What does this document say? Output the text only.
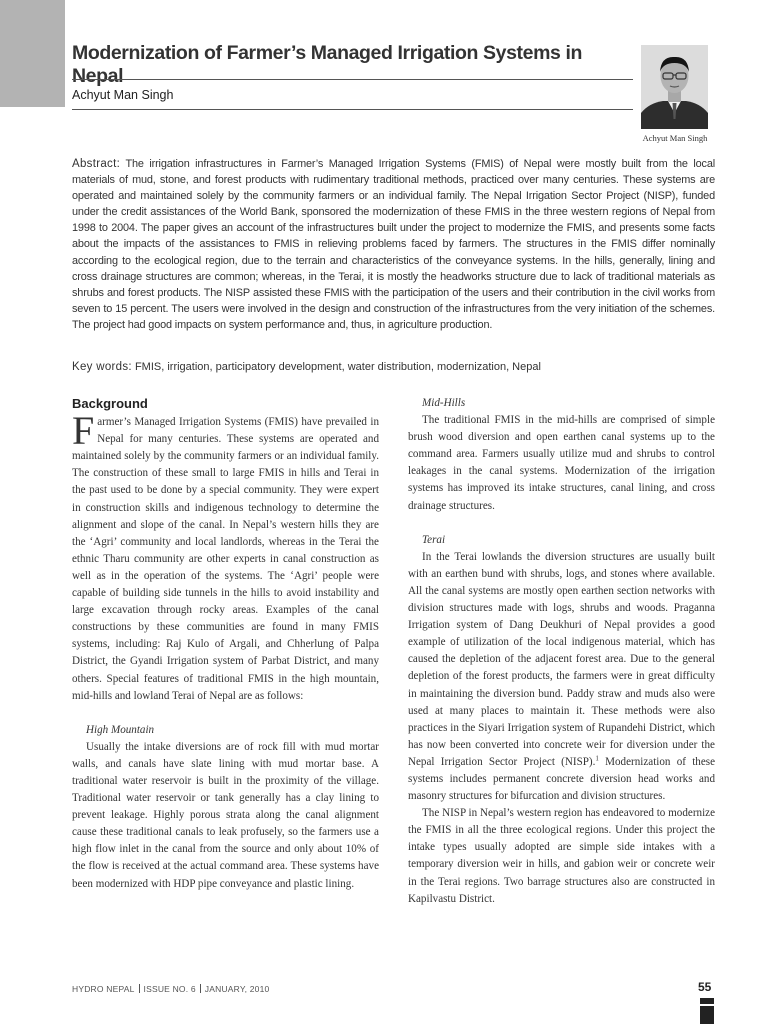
Modernization of Farmer’s Managed Irrigation Systems in Nepal
Achyut Man Singh
Achyut Man Singh

Abstract: The irrigation infrastructures in Farmer’s Managed Irrigation Systems (FMIS) of Nepal were mostly built from the local materials of mud, stone, and forest products with rudimentary traditional methods, practiced over many centuries. These systems are operated and maintained solely by the community farmers or an individual family. The Nepal Irrigation Sector Project (NISP), funded under the credit assistances of the World Bank, sponsored the modernization of these FMIS in the three western regions of Nepal from 1998 to 2004. The paper gives an account of the infrastructures built under the project to modernize the FMIS, and presents some facts about the impacts of the assistances to FMIS in relieving problems faced by farmers. The structures in the FMIS differ nominally according to the ecological region, due to the terrain and characteristics of the conveyance systems. In the hills, generally, lining and cross drainage structures are common; whereas, in the Terai, it is mostly the headworks structure due to lack of traditional materials as shrubs and forest products. The NISP assisted these FMIS with the participation of the users and their contribution in the civil works from seven to 15 percent. The users were involved in the design and construction of the infrastructures from the very initiation of the schemes. The project had good impacts on system performance and, thus, in agriculture production.

Key words: FMIS, irrigation, participatory development, water distribution, modernization, Nepal

Background

Farmer’s Managed Irrigation Systems (FMIS) have prevailed in Nepal for many centuries. These systems are operated and maintained solely by the community farmers or an individual family. The construction of these small to large FMIS in hills and Terai in the past used to be done by a special community. They were expert in construction skills and indigenous technology to determine the alignment and slope of the canal. In Nepal’s western hills they are the ‘Agri’ community and local landlords, whereas in the Terai the ethnic Tharu community are other experts in canal construction as well as in the operation of the systems. The ‘Agri’ people were capable of building side tunnels in the hills to avoid instability and large excavation through rocky areas. Examples of the canal constructions by these communities are found in many FMIS systems, including: Raj Kulo of Argali, and Chherlung of Palpa District, the Gyandi Irrigation system of Parbat District, and many others. Special features of traditional FMIS in the high mountain, mid-hills and lowland Terai of Nepal are as follows:

High Mountain

Usually the intake diversions are of rock fill with mud mortar walls, and canals have slate lining with mud mortar base. A traditional water reservoir is built in the proximity of the village. Traditional water reservoir or tank generally has a clay lining to prevent leakage. Highly porous strata along the canal alignment cause these traditional canals to leak profusely, so the farmers use a high flow inlet in the canal from the source and only about 10% of the flow is received at the actual command area. These systems have been modernized with HDP pipe conveyance and plastic lining.

Mid-Hills

The traditional FMIS in the mid-hills are comprised of simple brush wood diversion and open earthen canal systems up to the command area. Farmers usually utilize mud and shrubs to control leakages in the canal systems. Modernization of the irrigation systems has improved its intake structures, canal lining, and cross drainage structures.

Terai

In the Terai lowlands the diversion structures are usually built with an earthen bund with shrubs, logs, and stones where available. All the canal systems are mostly open earthen section networks with division structures made with logs, shrubs and woods. Praganna Irrigation system of Dang Deukhuri of Nepal provides a good example of utilization of the local indigenous material, which has caused the depletion of the adjacent forest area. Due to the general depletion of the forest products, the farmers were in great difficulty in maintaining the diversion bund. Paddy straw and muds also were used at many places to maintain it. These methods were also practices in the Siyari Irrigation system of Rupandehi District, which has now been converted into concrete weir for diversion under the Nepal Irrigation Sector Project (NISP).$^1$ Modernization of these systems includes permanent concrete diversion head works and masonry structures for bifurcation and division structures.

The NISP in Nepal’s western region has endeavored to modernize the FMIS in all the three ecological regions. Under this project the intake types usually adopted are simple side intakes with a temporary diversion weir in hills, and gabion weir or concrete weir in the Terai regions. Two barrage structures also are constructed in Kapilvastu District.

HYDRO NEPAL ISSUE NO. 6 JANUARY, 2010	55
